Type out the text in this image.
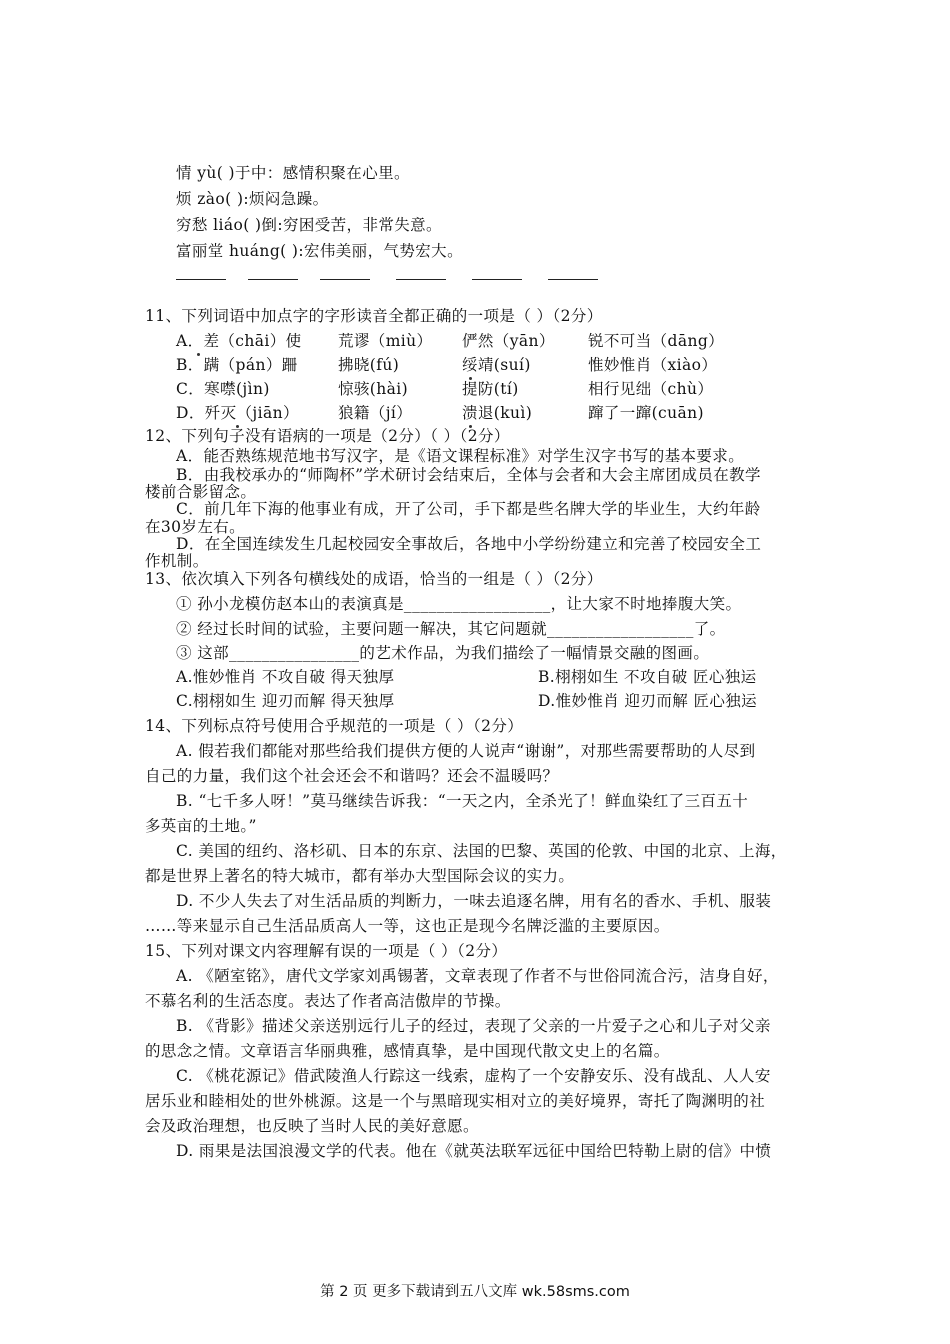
情 yù( )于中：感情积聚在心里。
烦 zào( ):烦闷急躁。
穷愁 liáo( )倒:穷困受苦，非常失意。
富丽堂 huáng( ):宏伟美丽，气势宏大。
11、下列词语中加点字的字形读音全都正确的一项是（ ）（2分）
A．差（chāi）使 荒谬（miù） 俨然（yān） 锐不可当（dāng）
B．蹒（pán）跚	拂晓(fú)	绥靖(suí)	惟妙惟肖（xiào）
C．寒噤(jìn)	惊骇(hài)	提防(tí)	相行见绌（chù）
D．歼灭（jiān）	狼籍（jí）	溃退(kuì)	蹿了一蹿(cuān)
12、下列句子没有语病的一项是（2分）（ ）（2分）
A．能否熟练规范地书写汉字，是《语文课程标准》对学生汉字书写的基本要求。
B．由我校承办的“师陶杯”学术研讨会结束后，全体与会者和大会主席团成员在教学
楼前合影留念。
C．前几年下海的他事业有成，开了公司，手下都是些名牌大学的毕业生，大约年龄
在30岁左右。
D．在全国连续发生几起校园安全事故后，各地中小学纷纷建立和完善了校园安全工
作机制。
13、依次填入下列各句横线处的成语，恰当的一组是（ ）（2分）
① 孙小龙模仿赵本山的表演真是__________________，让大家不时地捧腹大笑。
② 经过长时间的试验，主要问题一解决，其它问题就__________________了。
③ 这部________________的艺术作品，为我们描绘了一幅情景交融的图画。
A.惟妙惟肖 不攻自破 得天独厚	B.栩栩如生 不攻自破 匠心独运
C.栩栩如生 迎刃而解 得天独厚	D.惟妙惟肖 迎刃而解 匠心独运
14、下列标点符号使用合乎规范的一项是（ ）（2分）
A. 假若我们都能对那些给我们提供方便的人说声“谢谢”，对那些需要帮助的人尽到
自己的力量，我们这个社会还会不和谐吗？还会不温暖吗？
B. “七千多人呀！”莫马继续告诉我：“一天之内，全杀光了！鲜血染红了三百五十
多英亩的土地。”
C. 美国的纽约、洛杉矶、日本的东京、法国的巴黎、英国的伦敦、中国的北京、上海，
都是世界上著名的特大城市，都有举办大型国际会议的实力。
D. 不少人失去了对生活品质的判断力，一味去追逐名牌，用有名的香水、手机、服装
……等来显示自己生活品质高人一等，这也正是现今名牌泛滥的主要原因。
15、下列对课文内容理解有误的一项是（ ）（2分）
A. 《陋室铭》，唐代文学家刘禹锡著，文章表现了作者不与世俗同流合污，洁身自好，
不慕名利的生活态度。表达了作者高洁傲岸的节操。
B. 《背影》描述父亲送别远行儿子的经过，表现了父亲的一片爱子之心和儿子对父亲
的思念之情。文章语言华丽典雅，感情真挚，是中国现代散文史上的名篇。
C. 《桃花源记》借武陵渔人行踪这一线索，虚构了一个安静安乐、没有战乱、人人安
居乐业和睦相处的世外桃源。这是一个与黑暗现实相对立的美好境界，寄托了陶渊明的社
会及政治理想，也反映了当时人民的美好意愿。
D. 雨果是法国浪漫文学的代表。他在《就英法联军远征中国给巴特勒上尉的信》中愤
第 2 页 更多下载请到五八文库 wk.58sms.com
